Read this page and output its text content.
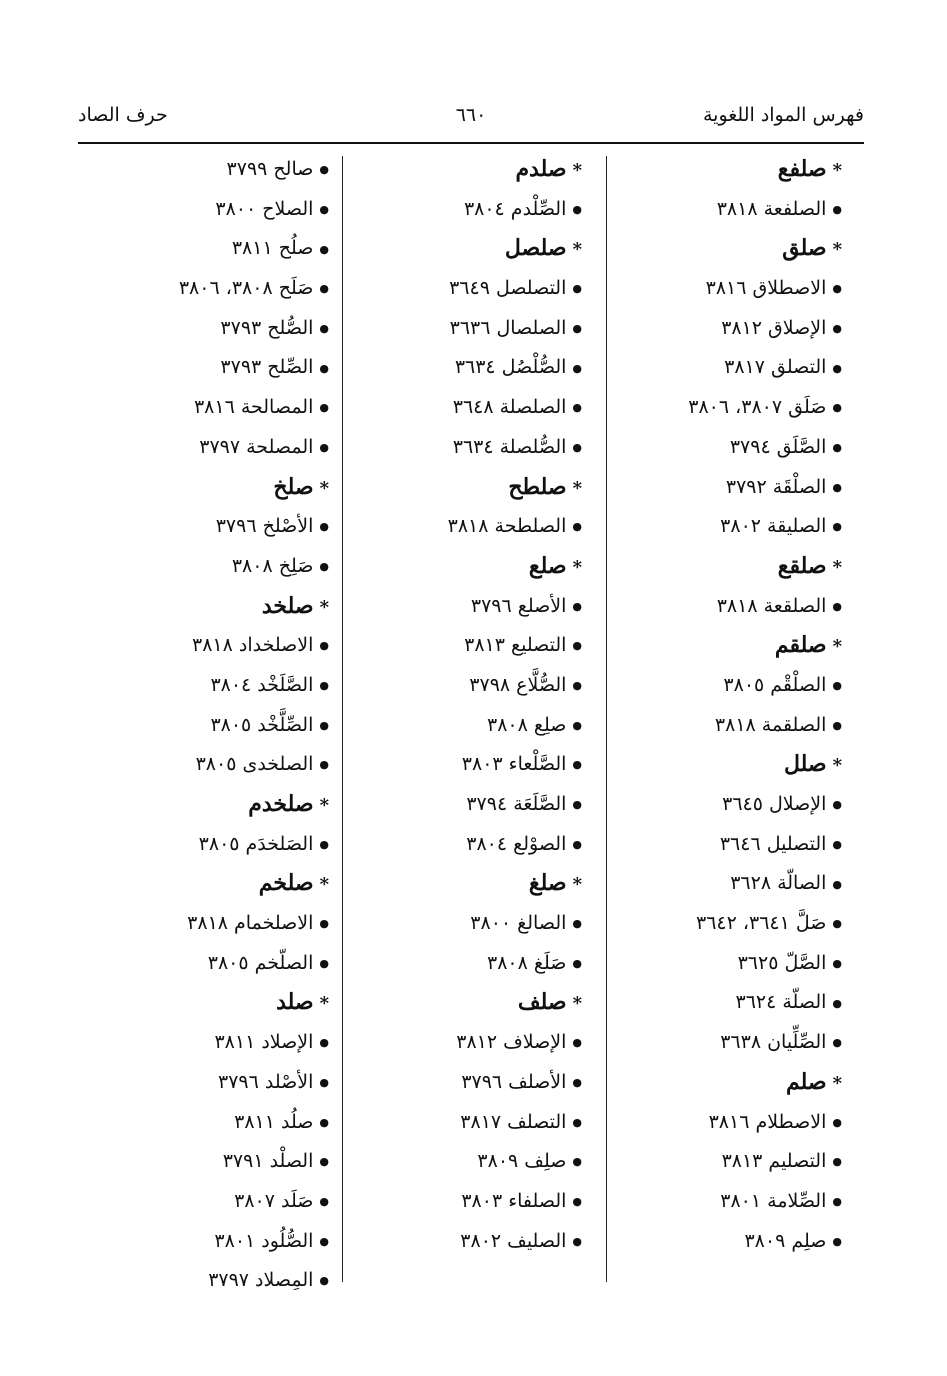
فهرس المواد اللغوية
٦٦٠
حرف الصاد
●صالح ٣٧٩٩
●الصلاح ٣٨٠٠
●صلُح ٣٨١١
●صَلَح ٣٨٠٨، ٣٨٠٦
●الصُّلح ٣٧٩٣
●الصِّلح ٣٧٩٣
●المصالحة ٣٨١٦
●المصلحة ٣٧٩٧
*صلخ
●الأصْلخ ٣٧٩٦
●صَلِخ ٣٨٠٨
*صلخد
●الاصلخداد ٣٨١٨
●الصَّلَخْد ٣٨٠٤
●الصِّلَّخْد ٣٨٠٥
●الصلخدى ٣٨٠٥
*صلخدم
●الصَلخدَم ٣٨٠٥
*صلخم
●الاصلخمام ٣٨١٨
●الصلّخم ٣٨٠٥
*صلد
●الإصلاد ٣٨١١
●الأصْلد ٣٧٩٦
●صلُد ٣٨١١
●الصلْد ٣٧٩١
●صَلَد ٣٨٠٧
●الصُّلُود ٣٨٠١
●المِصلاد ٣٧٩٧
*صلدم
●الصِّلْدم ٣٨٠٤
*صلصل
●التصلصل ٣٦٤٩
●الصلصال ٣٦٣٦
●الصُّلْصُل ٣٦٣٤
●الصلصلة ٣٦٤٨
●الصُّلصلة ٣٦٣٤
*صلطح
●الصلطحة ٣٨١٨
*صلع
●الأصلع ٣٧٩٦
●التصليع ٣٨١٣
●الصُّلَّاع ٣٧٩٨
●صلِع ٣٨٠٨
●الصَّلْعاء ٣٨٠٣
●الصَّلَعَة ٣٧٩٤
●الصوْلع ٣٨٠٤
*صلغ
●الصالغ ٣٨٠٠
●صَلَغ ٣٨٠٨
*صلف
●الإصلاف ٣٨١٢
●الأصلف ٣٧٩٦
●التصلف ٣٨١٧
●صلِف ٣٨٠٩
●الصلفاء ٣٨٠٣
●الصليف ٣٨٠٢
*صلفع
●الصلفعة ٣٨١٨
*صلق
●الاصطلاق ٣٨١٦
●الإصلاق ٣٨١٢
●التصلق ٣٨١٧
●صَلَق ٣٨٠٧، ٣٨٠٦
●الصَّلَق ٣٧٩٤
●الصلْقَة ٣٧٩٢
●الصليقة ٣٨٠٢
*صلقع
●الصلقعة ٣٨١٨
*صلقم
●الصلْقْم ٣٨٠٥
●الصلقمة ٣٨١٨
*صلل
●الإصلال ٣٦٤٥
●التصليل ٣٦٤٦
●الصالّة ٣٦٢٨
●صَلَّ ٣٦٤١، ٣٦٤٢
●الصَّلّ ٣٦٢٥
●الصلّة ٣٦٢٤
●الصِّلِّيان ٣٦٣٨
*صلم
●الاصطلام ٣٨١٦
●التصليم ٣٨١٣
●الصِّلامة ٣٨٠١
●صلِم ٣٨٠٩
